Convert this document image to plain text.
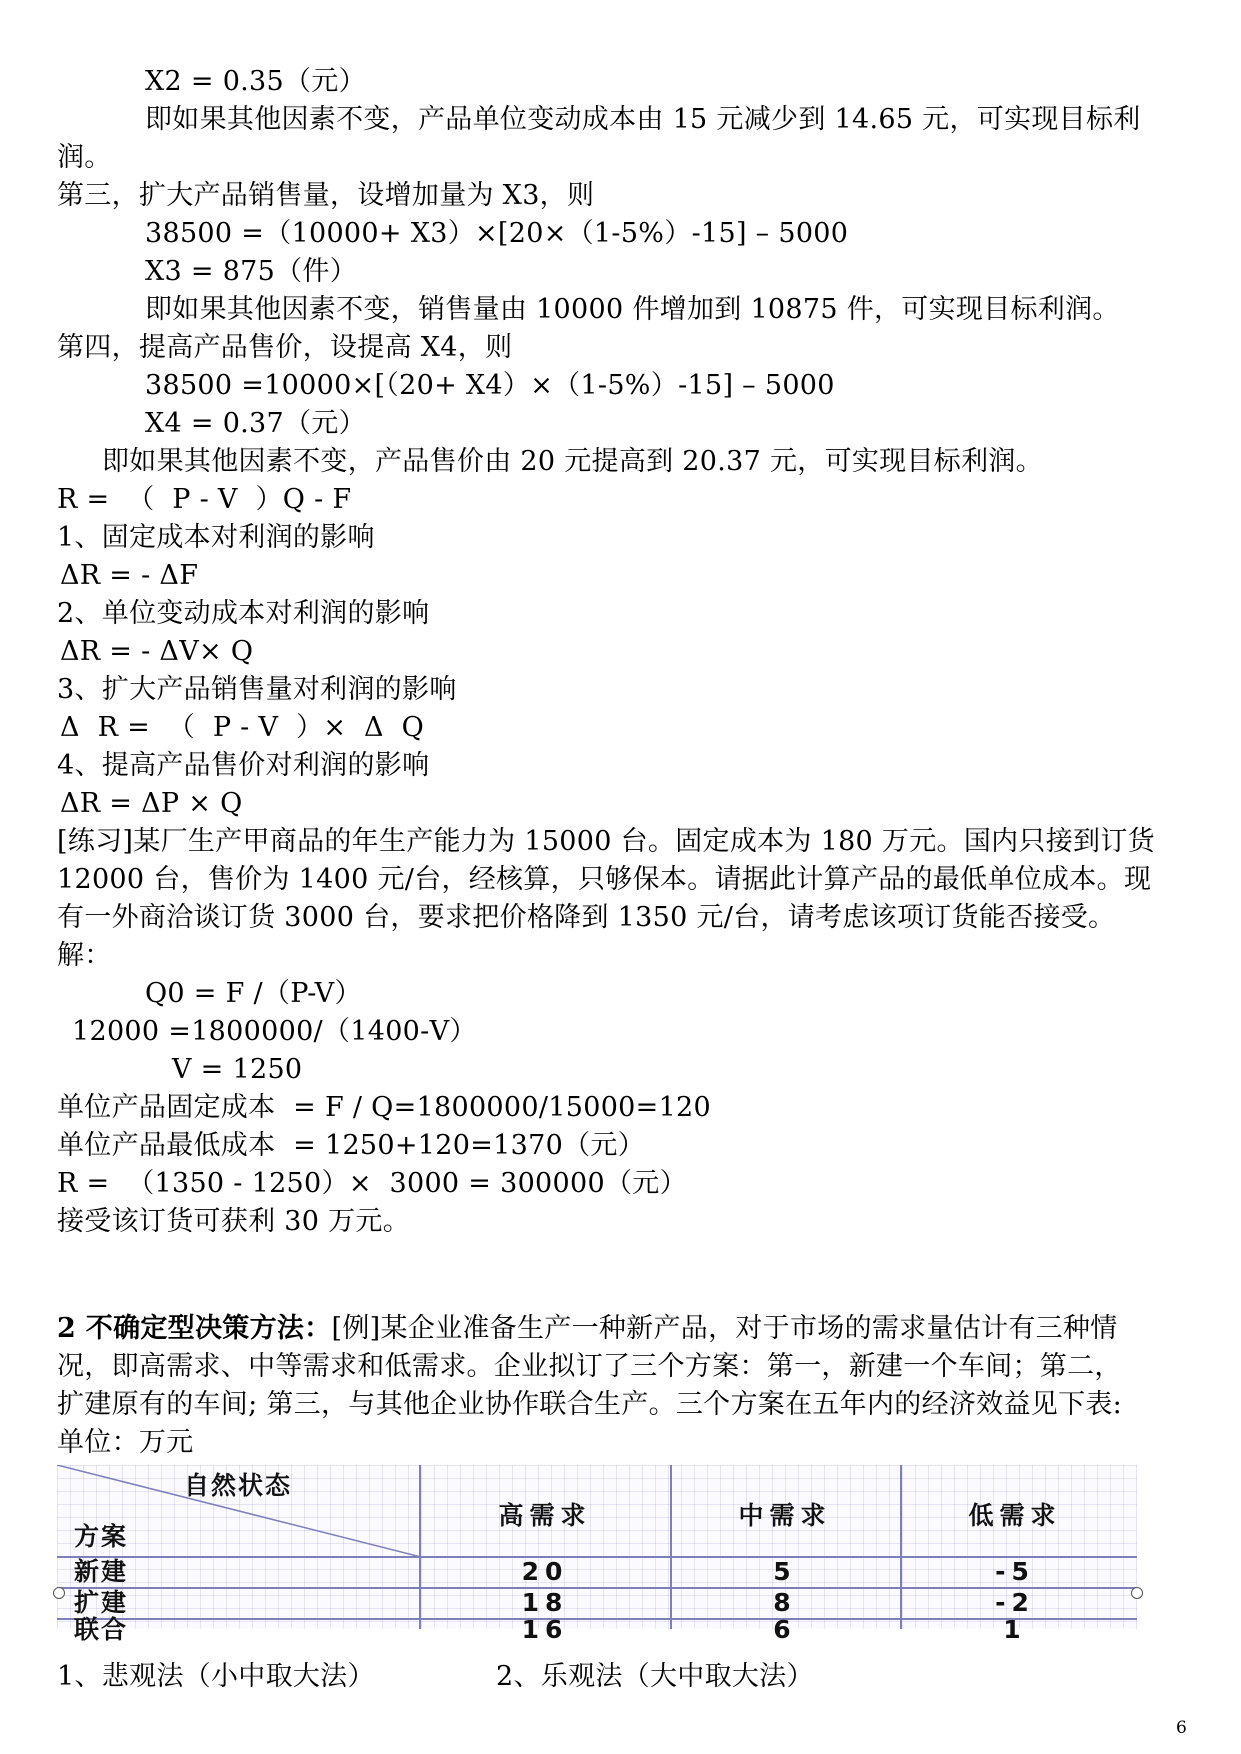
X2 = 0.35（元）
即如果其他因素不变，产品单位变动成本由 15 元减少到 14.65 元，可实现目标利
润。
第三，扩大产品销售量，设增加量为 X3，则
38500 =（10000+ X3）×[20×（1-5%）-15] – 5000
X3 = 875（件）
即如果其他因素不变，销售量由 10000 件增加到 10875 件，可实现目标利润。
第四，提高产品售价，设提高 X4，则
38500 =10000×[（20+ X4）×（1-5%）-15] – 5000
X4 = 0.37（元）
即如果其他因素不变，产品售价由 20 元提高到 20.37 元，可实现目标利润。
R =  （  P - V  ）Q - F
1、固定成本对利润的影响
ΔR = - ΔF
2、单位变动成本对利润的影响
ΔR = - ΔV× Q
3、扩大产品销售量对利润的影响
Δ  R =  （  P - V  ）×  Δ  Q
4、提高产品售价对利润的影响
ΔR = ΔP × Q
[练习]某厂生产甲商品的年生产能力为 15000 台。固定成本为 180 万元。国内只接到订货
12000 台，售价为 1400 元/台，经核算，只够保本。请据此计算产品的最低单位成本。现
有一外商洽谈订货 3000 台，要求把价格降到 1350 元/台，请考虑该项订货能否接受。
解：
Q0 = F /（P-V）
12000 =1800000/（1400-V）
V = 1250
单位产品固定成本  = F / Q=1800000/15000=120
单位产品最低成本  = 1250+120=1370（元）
R =  （1350 - 1250）×  3000 = 300000（元）
接受该订货可获利 30 万元。
2 不确定型决策方法：[例]某企业准备生产一种新产品，对于市场的需求量估计有三种情
况，即高需求、中等需求和低需求。企业拟订了三个方案：第一，新建一个车间；第二，
扩建原有的车间; 第三，与其他企业协作联合生产。三个方案在五年内的经济效益见下表:
单位：万元
自然状态
方案
高需求	中需求	低需求
新建	20	5	-5
扩建	18	8	-2
联合	16	6	1
1、悲观法（小中取大法）	2、乐观法（大中取大法）
6
